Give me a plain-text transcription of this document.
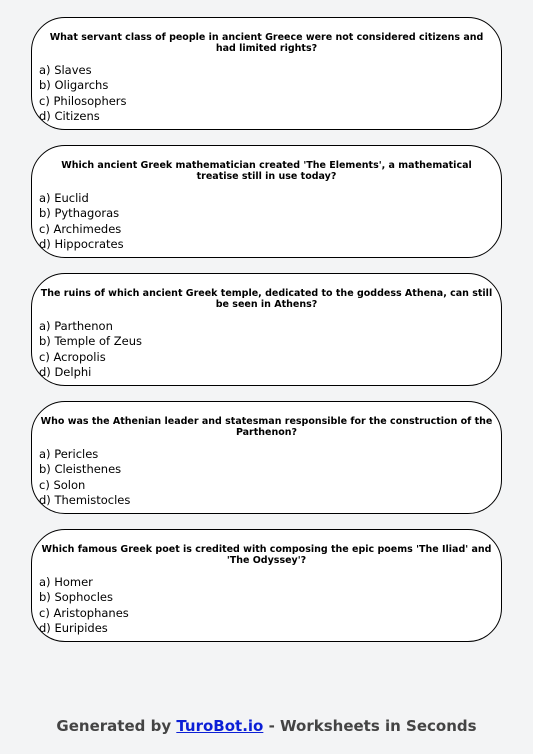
What servant class of people in ancient Greece were not considered citizens and had limited rights?
a) Slaves
b) Oligarchs
c) Philosophers
d) Citizens
Which ancient Greek mathematician created 'The Elements', a mathematical treatise still in use today?
a) Euclid
b) Pythagoras
c) Archimedes
d) Hippocrates
The ruins of which ancient Greek temple, dedicated to the goddess Athena, can still be seen in Athens?
a) Parthenon
b) Temple of Zeus
c) Acropolis
d) Delphi
Who was the Athenian leader and statesman responsible for the construction of the Parthenon?
a) Pericles
b) Cleisthenes
c) Solon
d) Themistocles
Which famous Greek poet is credited with composing the epic poems 'The Iliad' and 'The Odyssey'?
a) Homer
b) Sophocles
c) Aristophanes
d) Euripides
Generated by TuroBot.io - Worksheets in Seconds
